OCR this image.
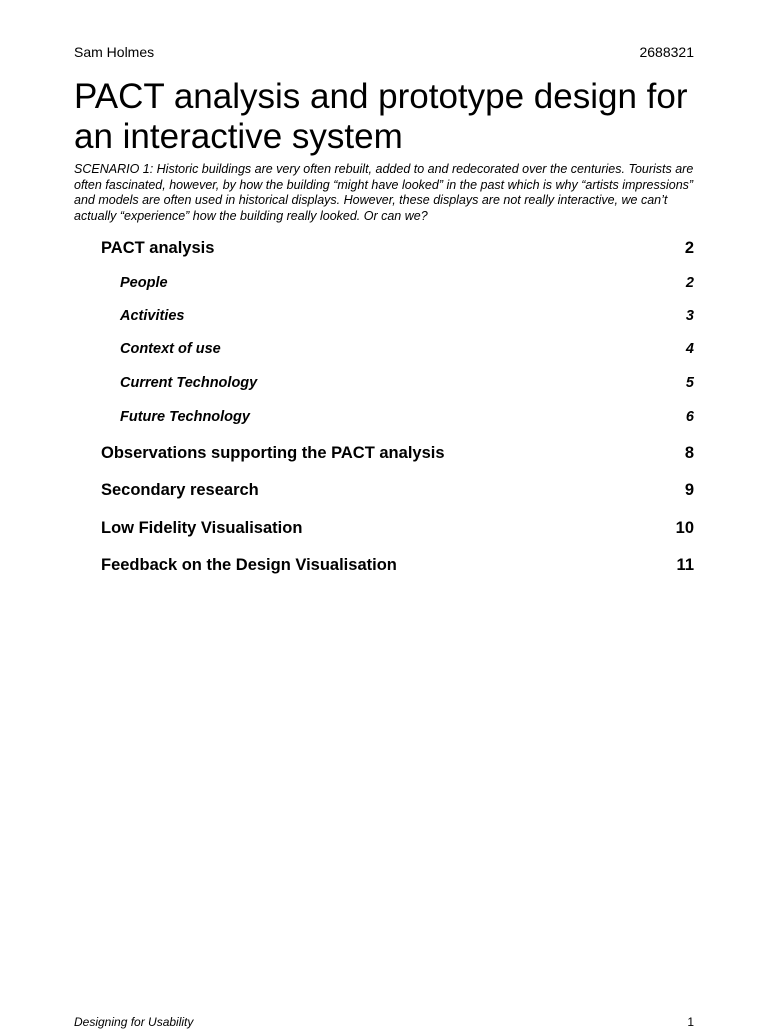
Sam Holmes	2688321
PACT analysis and prototype design for an interactive system

SCENARIO 1: Historic buildings are very often rebuilt, added to and redecorated over the centuries. Tourists are often fascinated, however, by how the building “might have looked” in the past which is why “artists impressions” and models are often used in historical displays. However, these displays are not really interactive, we can’t actually “experience” how the building really looked. Or can we?

PACT analysis	2
People	2
Activities	3
Context of use	4
Current Technology	5
Future Technology	6
Observations supporting the PACT analysis	8
Secondary research	9
Low Fidelity Visualisation	10
Feedback on the Design Visualisation	11
Designing for Usability	1
